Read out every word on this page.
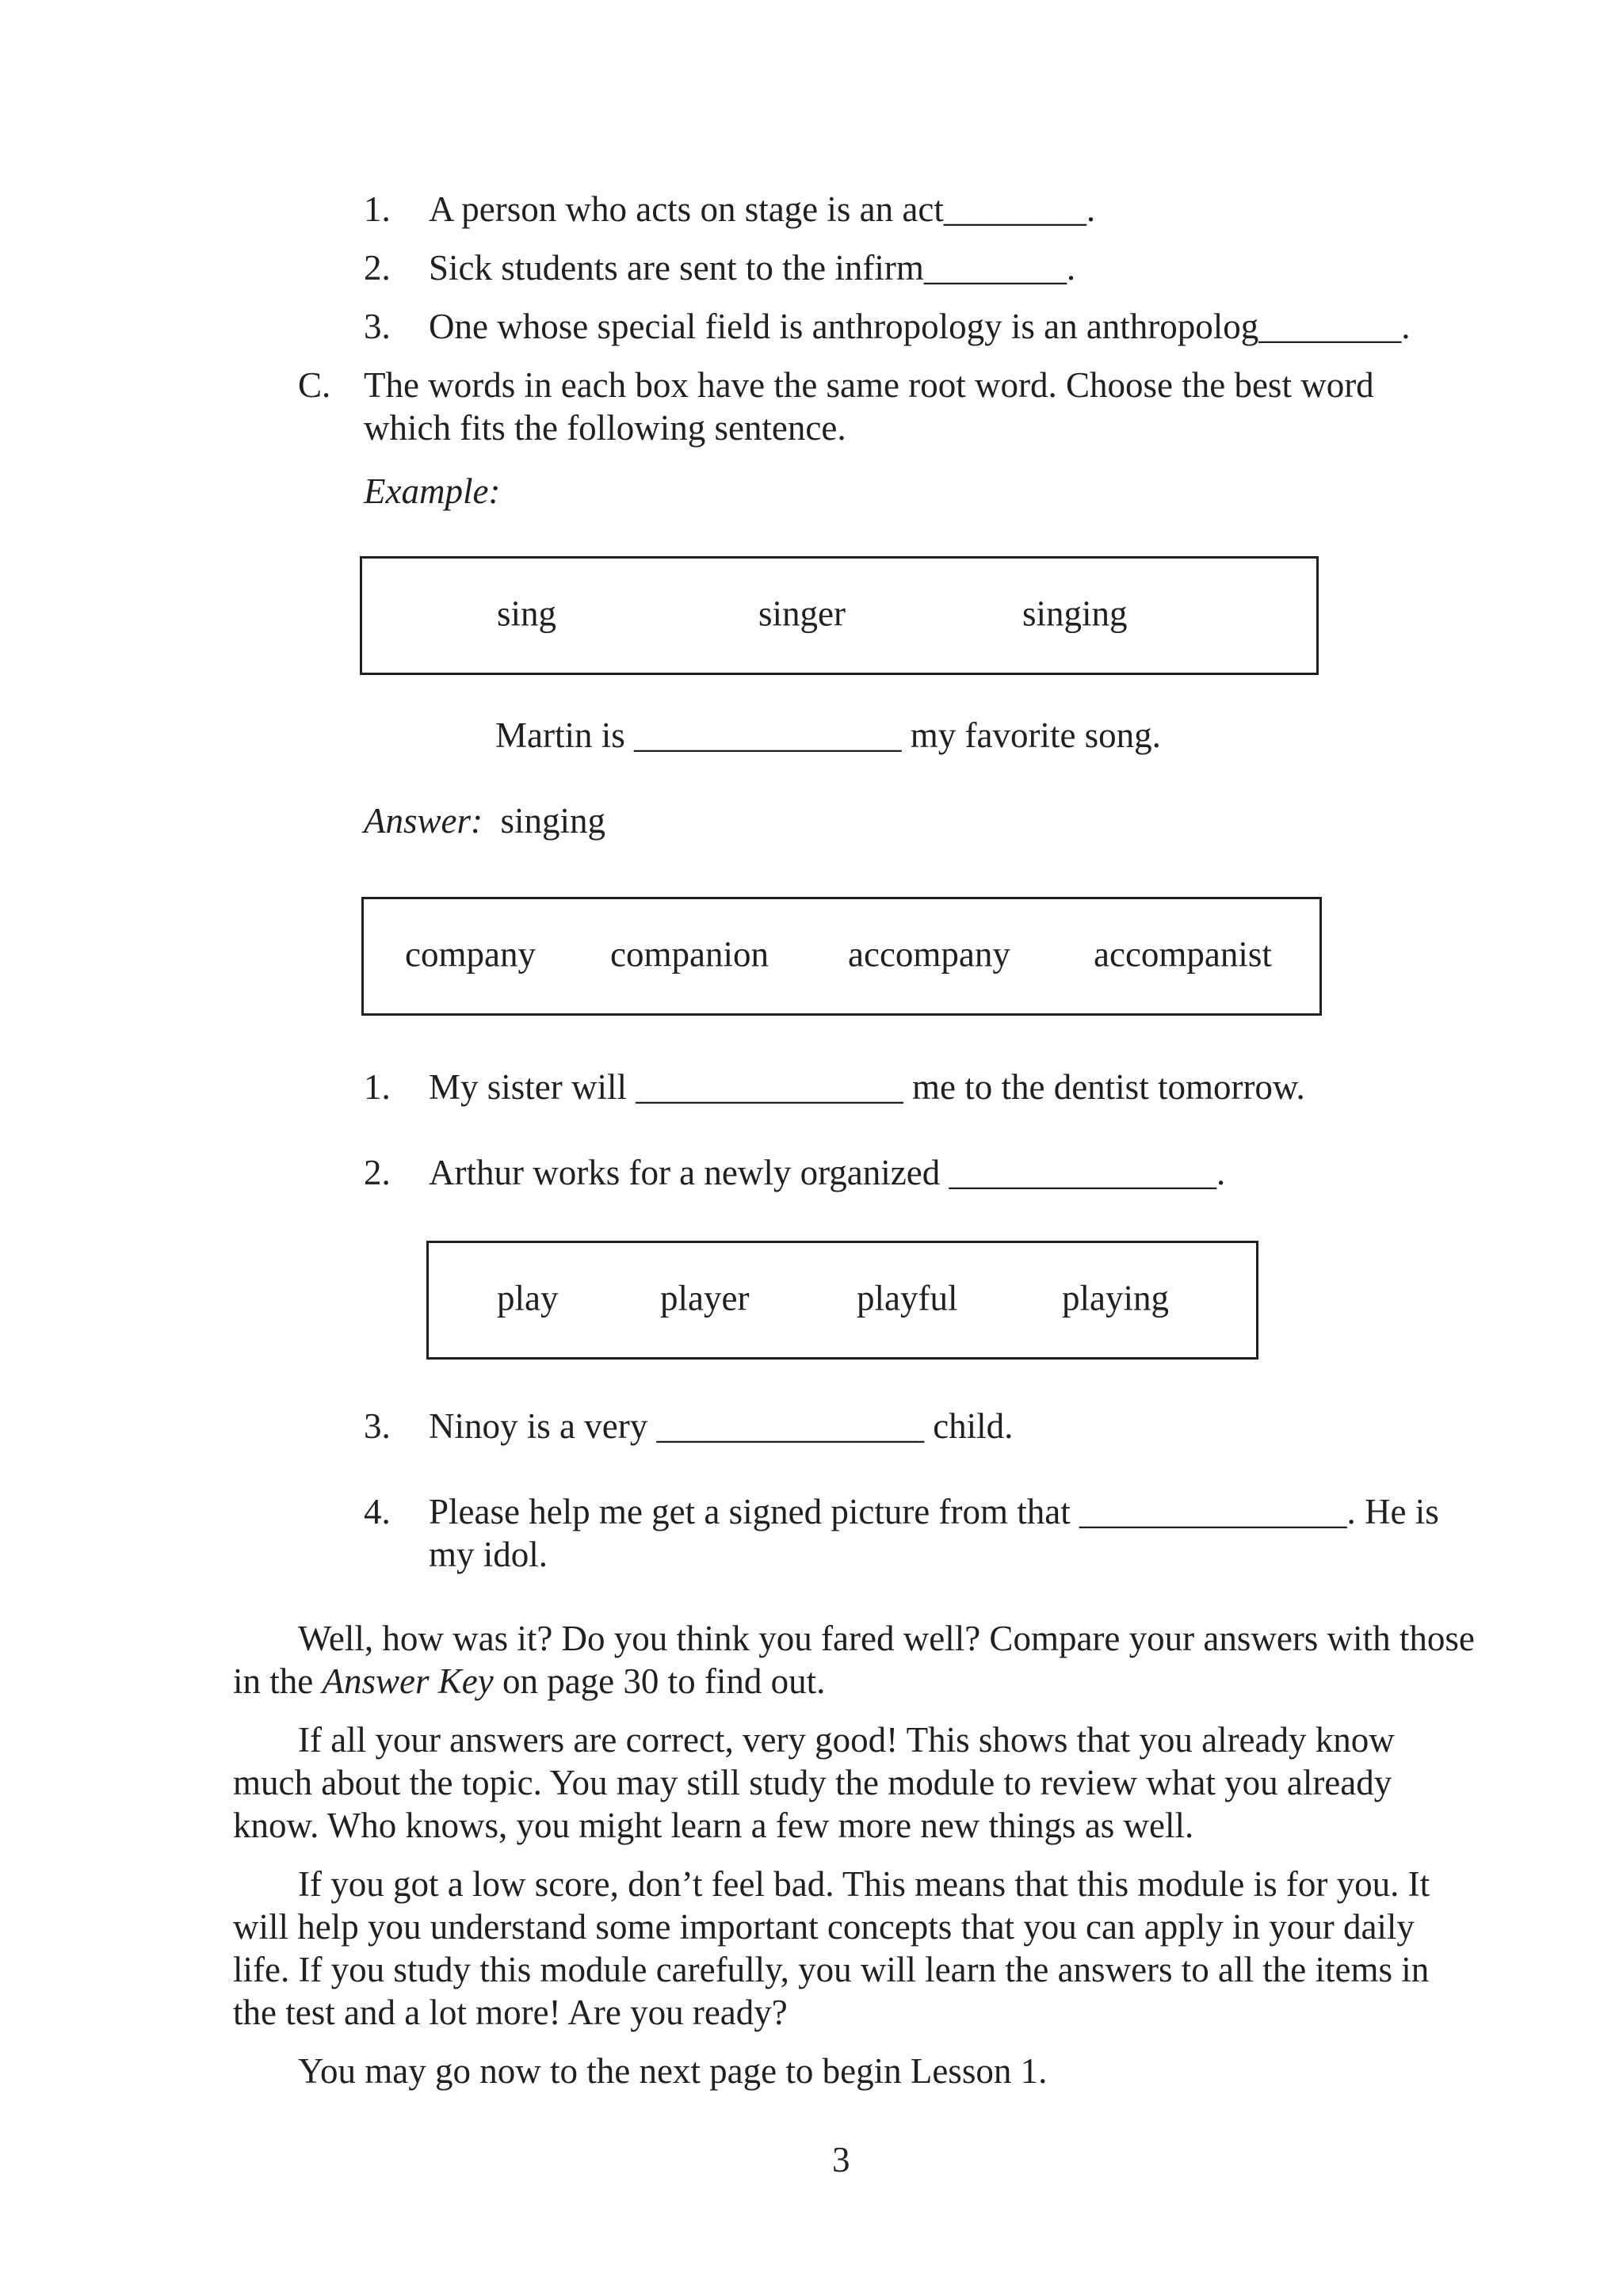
1. A person who acts on stage is an act________.
2. Sick students are sent to the infirm________.
3. One whose special field is anthropology is an anthropolog________.
C. The words in each box have the same root word. Choose the best word
which fits the following sentence.
Example:
sing	singer	singing
Martin is _______________ my favorite song.
Answer: singing
company companion accompany accompanist
1. My sister will _______________ me to the dentist tomorrow.
2. Arthur works for a newly organized _______________.
play	player	playful	playing
3. Ninoy is a very _______________ child.
4. Please help me get a signed picture from that _______________. He is
my idol.
Well, how was it? Do you think you fared well? Compare your answers with those
in the Answer Key on page 30 to find out.
If all your answers are correct, very good! This shows that you already know
much about the topic. You may still study the module to review what you already
know. Who knows, you might learn a few more new things as well.
If you got a low score, don’t feel bad. This means that this module is for you. It
will help you understand some important concepts that you can apply in your daily
life. If you study this module carefully, you will learn the answers to all the items in
the test and a lot more! Are you ready?
You may go now to the next page to begin Lesson 1.
3
